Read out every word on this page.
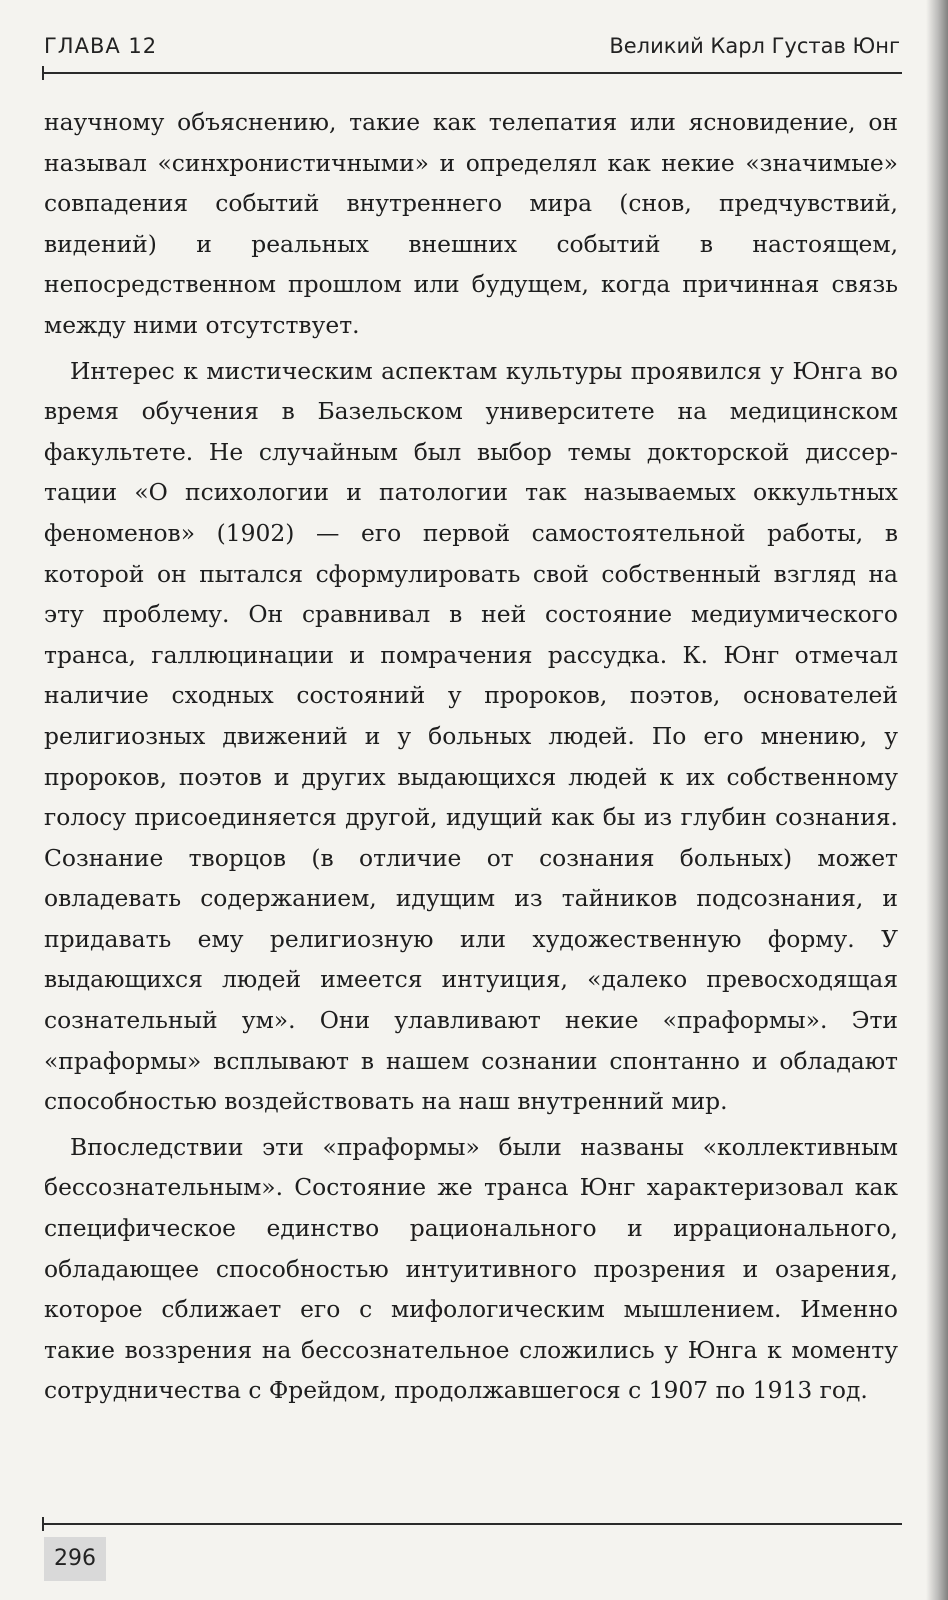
ГЛАВА 12	Великий Карл Густав Юнг

научному объяснению, такие как телепатия или ясновидение, он называл «синхронистичными» и определял как некие «значимые» совпадения событий внутреннего мира (снов, предчувствий, видений) и реальных внешних событий в настоящем, непосредственном прошлом или будущем, когда причинная связь между ними отсутствует.

Интерес к мистическим аспектам культуры проявился у Юнга во время обучения в Базельском университете на медицинском факультете. Не случайным был выбор темы докторской диссертации «О психологии и патологии так называемых оккультных феноменов» (1902) — его первой самостоятельной работы, в которой он пытался сформулировать свой собственный взгляд на эту проблему. Он сравнивал в ней состояние медиумического транса, галлюцинации и помрачения рассудка. К. Юнг отмечал наличие сходных состояний у пророков, поэтов, основателей религиозных движений и у больных людей. По его мнению, у пророков, поэтов и других выдающихся людей к их собственному голосу присоединяется другой, идущий как бы из глубин сознания. Сознание творцов (в отличие от сознания больных) может овладевать содержанием, идущим из тайников подсознания, и придавать ему религиозную или художественную форму. У выдающихся людей имеется интуиция, «далеко превосходящая сознательный ум». Они улавливают некие «праформы». Эти «праформы» всплывают в нашем сознании спонтанно и обладают способностью воздействовать на наш внутренний мир.

Впоследствии эти «праформы» были названы «коллективным бессознательным». Состояние же транса Юнг характеризовал как специфическое единство рационального и иррационального, обладающее способностью интуитивного прозрения и озарения, которое сближает его с мифологическим мышлением. Именно такие воззрения на бессознательное сложились у Юнга к моменту сотрудничества с Фрейдом, продолжавшегося с 1907 по 1913 год.

296
